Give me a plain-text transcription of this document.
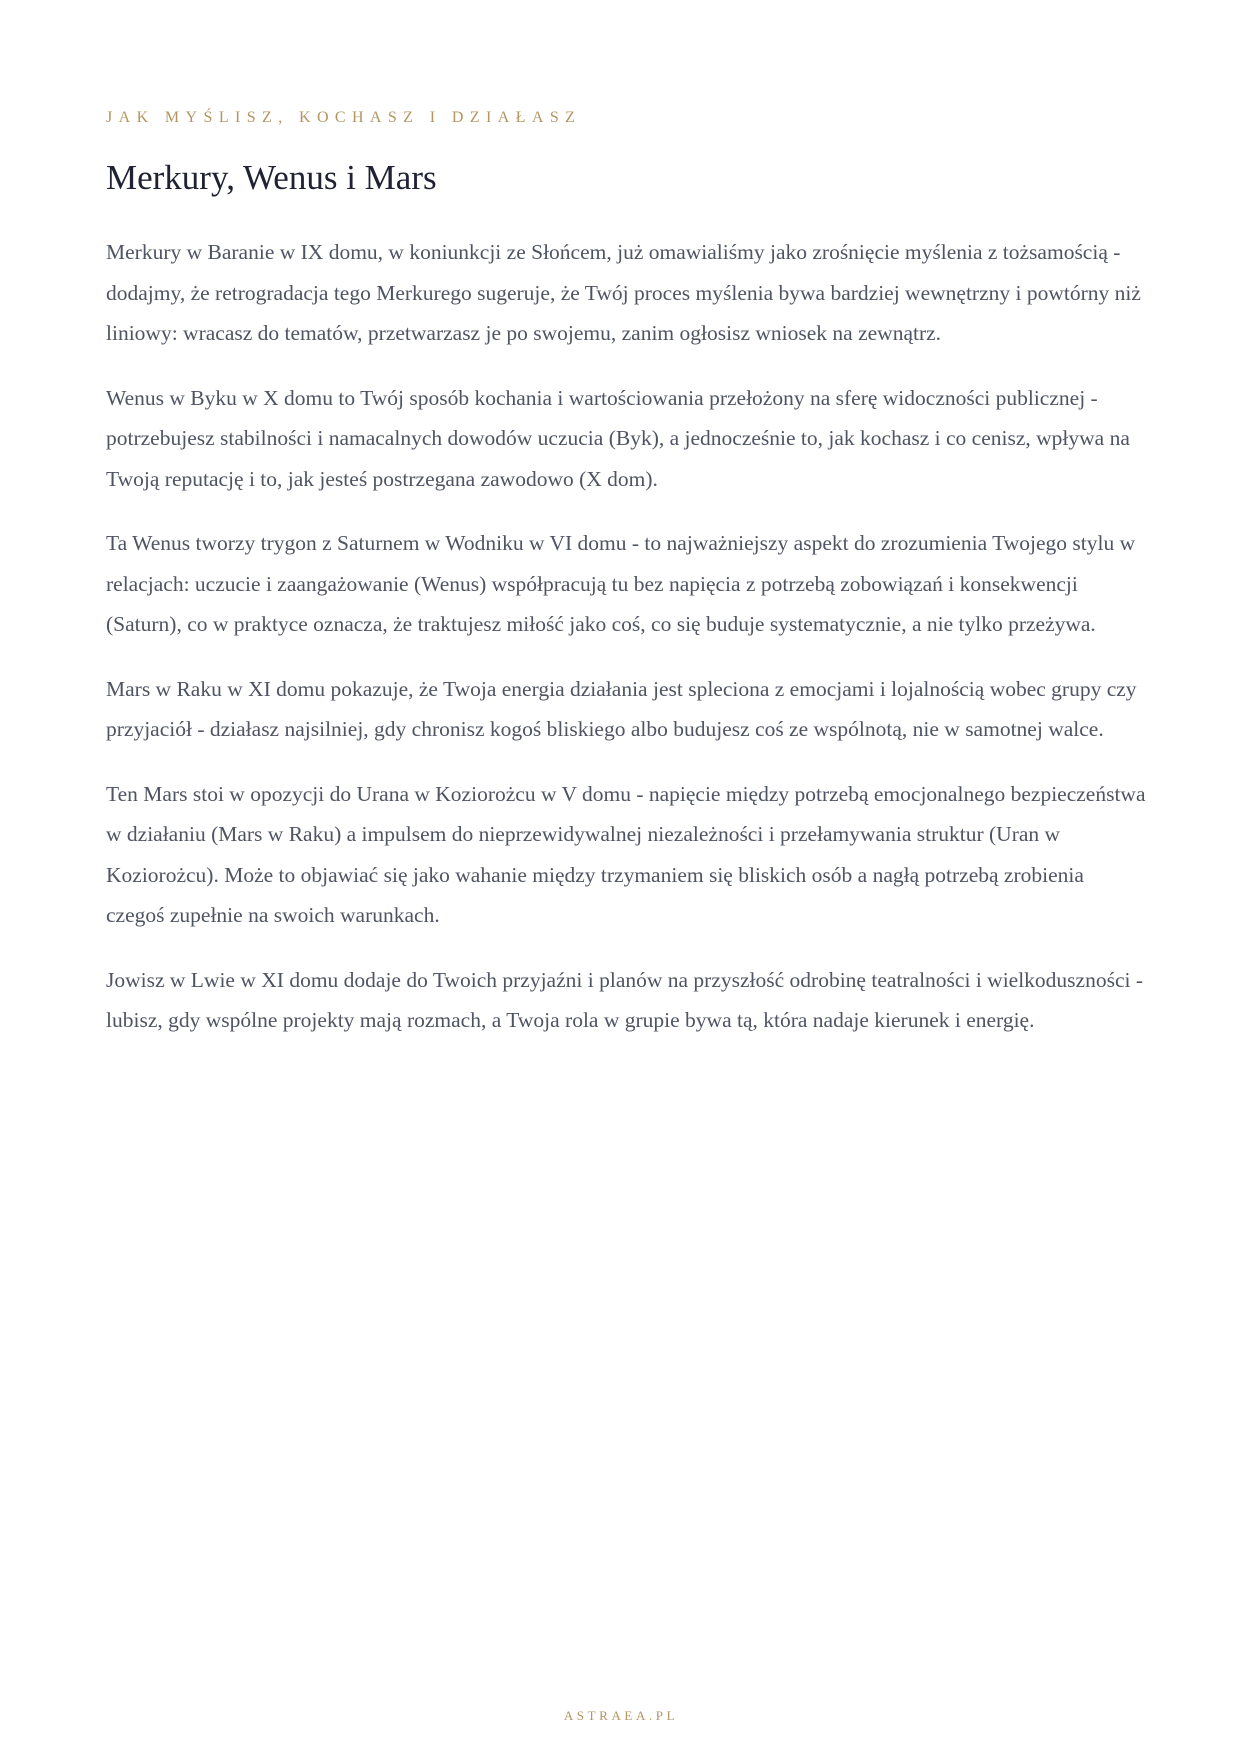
JAK MYŚLISZ, KOCHASZ I DZIAŁASZ

Merkury, Wenus i Mars

Merkury w Baranie w IX domu, w koniunkcji ze Słońcem, już omawialiśmy jako zrośnięcie myślenia z tożsamością - dodajmy, że retrogradacja tego Merkurego sugeruje, że Twój proces myślenia bywa bardziej wewnętrzny i powtórny niż liniowy: wracasz do tematów, przetwarzasz je po swojemu, zanim ogłosisz wniosek na zewnątrz.

Wenus w Byku w X domu to Twój sposób kochania i wartościowania przełożony na sferę widoczności publicznej - potrzebujesz stabilności i namacalnych dowodów uczucia (Byk), a jednocześnie to, jak kochasz i co cenisz, wpływa na Twoją reputację i to, jak jesteś postrzegana zawodowo (X dom).

Ta Wenus tworzy trygon z Saturnem w Wodniku w VI domu - to najważniejszy aspekt do zrozumienia Twojego stylu w relacjach: uczucie i zaangażowanie (Wenus) współpracują tu bez napięcia z potrzebą zobowiązań i konsekwencji (Saturn), co w praktyce oznacza, że traktujesz miłość jako coś, co się buduje systematycznie, a nie tylko przeżywa.

Mars w Raku w XI domu pokazuje, że Twoja energia działania jest spleciona z emocjami i lojalnością wobec grupy czy przyjaciół - działasz najsilniej, gdy chronisz kogoś bliskiego albo budujesz coś ze wspólnotą, nie w samotnej walce.

Ten Mars stoi w opozycji do Urana w Koziorożcu w V domu - napięcie między potrzebą emocjonalnego bezpieczeństwa w działaniu (Mars w Raku) a impulsem do nieprzewidywalnej niezależności i przełamywania struktur (Uran w Koziorożcu). Może to objawiać się jako wahanie między trzymaniem się bliskich osób a nagłą potrzebą zrobienia czegoś zupełnie na swoich warunkach.

Jowisz w Lwie w XI domu dodaje do Twoich przyjaźni i planów na przyszłość odrobinę teatralności i wielkoduszności - lubisz, gdy wspólne projekty mają rozmach, a Twoja rola w grupie bywa tą, która nadaje kierunek i energię.

ASTRAEA.PL
